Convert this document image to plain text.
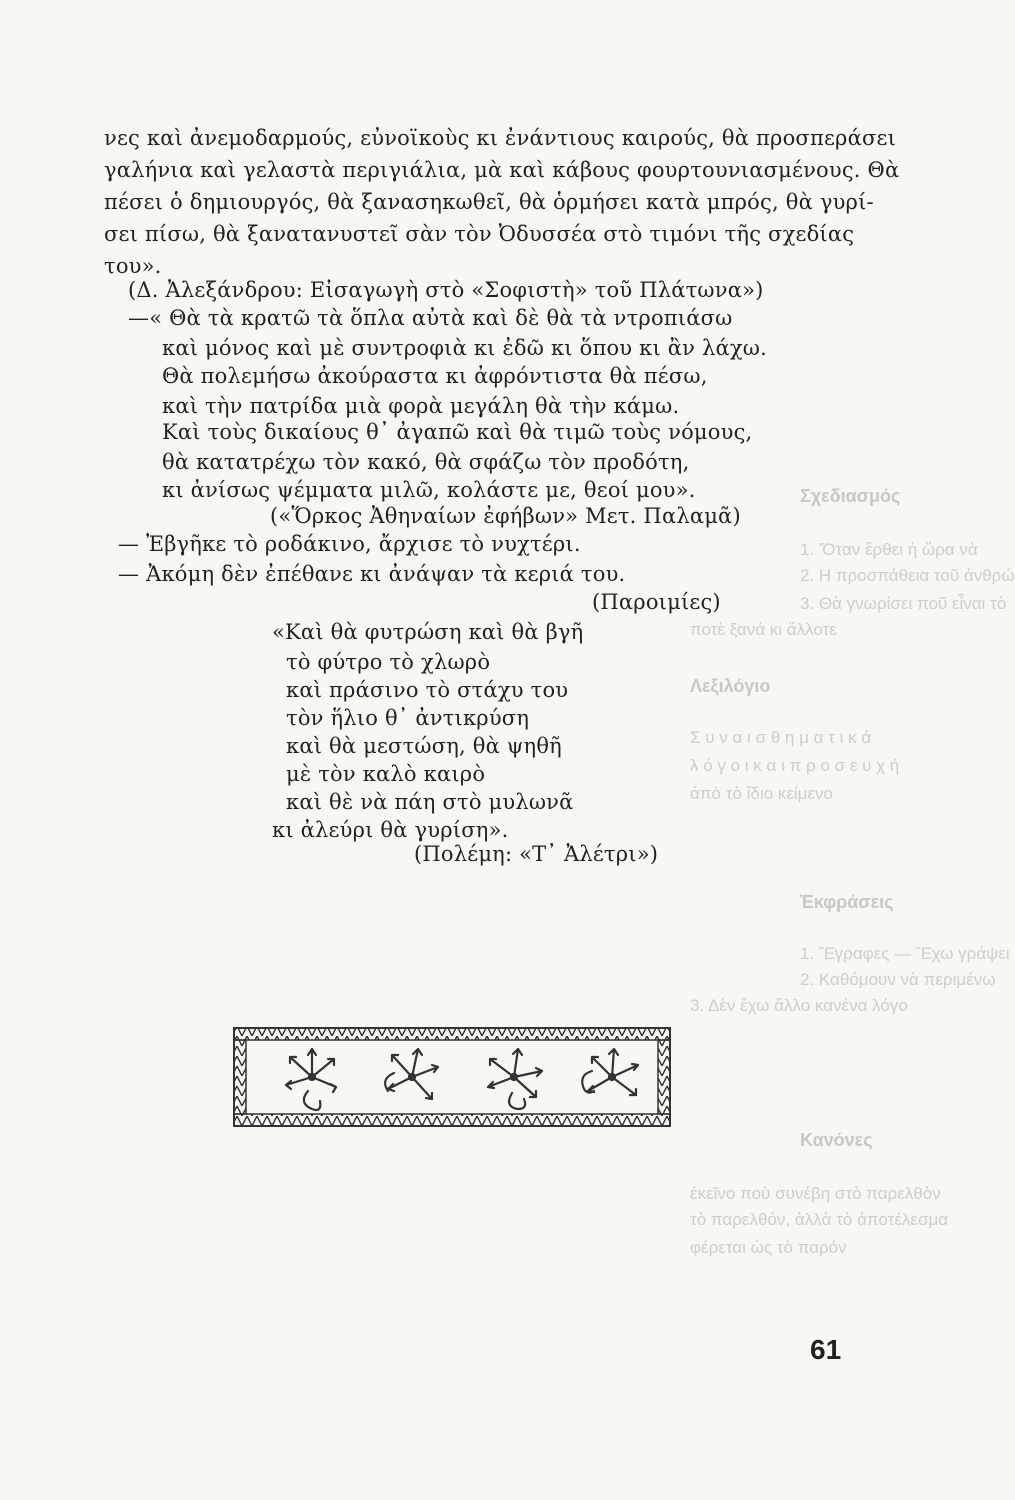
Σχεδιασμός
1. Ὅταν ἔρθει ἡ ὥρα νὰ
2. Η προσπάθεια τοῦ ἀνθρώ
3. Θὰ γνωρίσει ποῦ εἶναι τὸ
ποτὲ ξανά κι ἄλλοτε
Λεξιλόγιο
Σ υ ν α ι σ θ η μ α τ ι κ ά
λ ό γ ο ι κ α ι π ρ ο σ ε υ χ ή
ἀπὸ τὸ ἴδιο κείμενο
Ἐκφράσεις
1. Ἔγραφες — Ἔχω γράψει
2. Καθόμουν νὰ περιμένω
3. Δὲν ἔχω ἄλλο κανένα λόγο
Κανόνες
ἐκεῖνο ποὺ συνέβη στὸ παρελθὸν
τὸ παρελθόν, ἀλλὰ τὸ ἀποτέλεσμα
φέρεται ὡς τὸ παρόν
νες καὶ ἀνεμοδαρμούς, εὐνοϊκοὺς κι ἐνάντιους καιρούς, θὰ προσπεράσει
γαλήνια καὶ γελαστὰ περιγιάλια, μὰ καὶ κάβους φουρτουνιασμένους. Θὰ
πέσει ὁ δημιουργός, θὰ ξανασηκωθεῖ, θὰ ὁρμήσει κατὰ μπρός, θὰ γυρί-
σει πίσω, θὰ ξανατανυστεῖ σὰν τὸν Ὀδυσσέα στὸ τιμόνι τῆς σχεδίας
του».
(Δ. Ἀλεξάνδρου: Εἰσαγωγὴ στὸ «Σοφιστὴ» τοῦ Πλάτωνα»)
—« Θὰ τὰ κρατῶ τὰ ὅπλα αὐτὰ καὶ δὲ θὰ τὰ ντροπιάσω
καὶ μόνος καὶ μὲ συντροφιὰ κι ἐδῶ κι ὅπου κι ἂν λάχω.
Θὰ πολεμήσω ἀκούραστα κι ἀφρόντιστα θὰ πέσω,
καὶ τὴν πατρίδα μιὰ φορὰ μεγάλη θὰ τὴν κάμω.
Καὶ τοὺς δικαίους θ᾽ ἀγαπῶ καὶ θὰ τιμῶ τοὺς νόμους,
θὰ κατατρέχω τὸν κακό, θὰ σφάζω τὸν προδότη,
κι ἀνίσως ψέμματα μιλῶ, κολάστε με, θεοί μου».
(«Ὅρκος Ἀθηναίων ἐφήβων» Μετ. Παλαμᾶ)
— Ἐβγῆκε τὸ ροδάκινο, ἄρχισε τὸ νυχτέρι.
— Ἀκόμη δὲν ἐπέθανε κι ἀνάψαν τὰ κεριά του.
(Παροιμίες)
«Καὶ θὰ φυτρώση καὶ θὰ βγῆ
τὸ φύτρο τὸ χλωρὸ
καὶ πράσινο τὸ στάχυ του
τὸν ἥλιο θ᾽ ἀντικρύση
καὶ θὰ μεστώση, θὰ ψηθῆ
μὲ τὸν καλὸ καιρὸ
καὶ θὲ νὰ πάη στὸ μυλωνᾶ
κι ἀλεύρι θὰ γυρίση».
(Πολέμη: «Τ᾽ Ἀλέτρι»)
61
